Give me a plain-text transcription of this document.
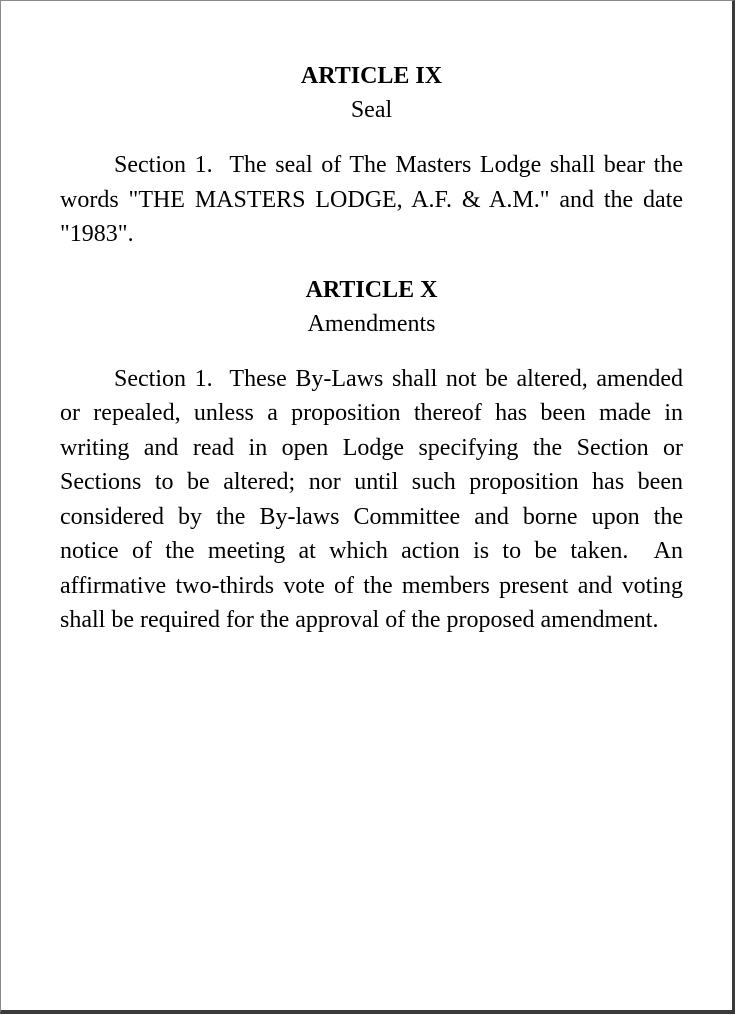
ARTICLE IX

Seal

Section 1.  The seal of The Masters Lodge shall bear the words "THE MASTERS LODGE, A.F. & A.M." and the date "1983".

ARTICLE X

Amendments

Section 1.  These By-Laws shall not be altered, amended or repealed, unless a proposition thereof has been made in writing and read in open Lodge specifying the Section or Sections to be altered; nor until such proposition has been considered by the By-laws Committee and borne upon the notice of the meeting at which action is to be taken.  An affirmative two-thirds vote of the members present and voting shall be required for the approval of the proposed amendment.
